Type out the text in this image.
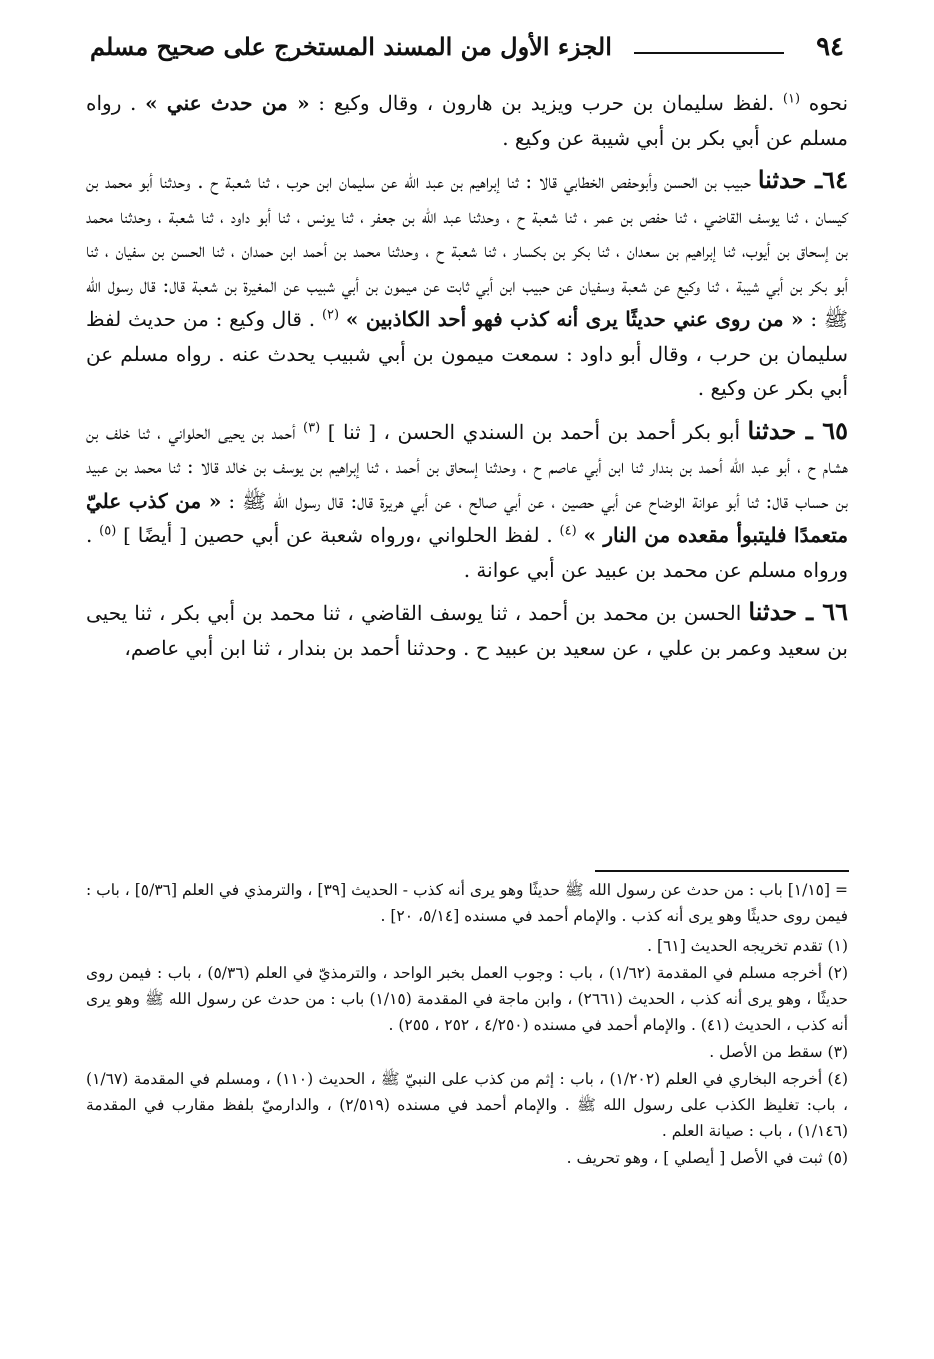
٩٤
الجزء الأول من المسند المستخرج على صحيح مسلم

نحوه $^{(١)}$ .لفظ سليمان بن حرب ويزيد بن هارون ، وقال وكيع : « من حدث عني » . رواه مسلم عن أبي بكر بن أبي شيبة عن وكيع .

٦٤ـ حدثنا حبيب بن الحسن وأبوحفص الخطابي قالا : ثنا إبراهيم بن عبد الله عن سليمان ابن حرب ، ثنا شعبة ح . وحدثنا أبو محمد بن كيسان ، ثنا يوسف القاضي ، ثنا حفص بن عمر ، ثنا شعبة ح ، وحدثنا عبد الله بن جعفر ، ثنا يونس ، ثنا أبو داود ، ثنا شعبة ، وحدثنا محمد بن إسحاق بن أيوب، ثنا إبراهيم بن سعدان ، ثنا بكر بن بكسار ، ثنا شعبة ح ، وحدثنا محمد بن أحمد ابن حمدان ، ثنا الحسن بن سفيان ، ثنا أبو بكر بن أبي شيبة ، ثنا وكيع عن شعبة وسفيان عن حبيب ابن أبي ثابت عن ميمون بن أبي شبيب عن المغيرة بن شعبة قال: قال رسول الله ﷺ : « من روى عني حديثًا يرى أنه كذب فهو أحد الكاذبين » $^{(٢)}$ . قال وكيع : من حديث لفظ سليمان بن حرب ، وقال أبو داود : سمعت ميمون بن أبي شبيب يحدث عنه . رواه مسلم عن أبي بكر عن وكيع .

٦٥ ـ حدثنا أبو بكر أحمد بن أحمد بن السندي الحسن ، [ ثنا ] $^{(٣)}$ أحمد بن يحيى الحلواني ، ثنا خلف بن هشام ح ، أبو عبد الله أحمد بن بندار ثنا ابن أبي عاصم ح ، وحدثنا إسحاق بن أحمد ، ثنا إبراهيم بن يوسف بن خالد قالا : ثنا محمد بن عبيد بن حساب قال: ثنا أبو عوانة الوضاح عن أبي حصين ، عن أبي صالح ، عن أبي هريرة قال: قال رسول الله ﷺ : « من كذب عليّ متعمدًا فليتبوأ مقعده من النار » $^{(٤)}$ . لفظ الحلواني ،ورواه شعبة عن أبي حصين [ أيضًا ] $^{(٥)}$ . ورواه مسلم عن محمد بن عبيد عن أبي عوانة .

٦٦ ـ حدثنا الحسن بن محمد بن أحمد ، ثنا يوسف القاضي ، ثنا محمد بن أبي بكر ، ثنا يحيى بن سعيد وعمر بن علي ، عن سعيد بن عبيد ح . وحدثنا أحمد بن بندار ، ثنا ابن أبي عاصم،

= [١/١٥] باب : من حدث عن رسول الله ﷺ حديثًا وهو يرى أنه كذب - الحديث [٣٩] ، والترمذي في العلم [٥/٣٦] ، باب : فيمن روى حديثًا وهو يرى أنه كذب . والإمام أحمد في مسنده [٥/١٤، ٢٠] .

(١) تقدم تخريجه الحديث [٦١] .

(٢) أخرجه مسلم في المقدمة (١/٦٢) ، باب : وجوب العمل بخبر الواحد ، والترمذيّ في العلم (٥/٣٦) ، باب : فيمن روى حديثًا ، وهو يرى أنه كذب ، الحديث (٢٦٦١) ، وابن ماجة في المقدمة (١/١٥) باب : من حدث عن رسول الله ﷺ وهو يرى أنه كذب ، الحديث (٤١) . والإمام أحمد في مسنده (٤/٢٥٠ ، ٢٥٢ ، ٢٥٥) .

(٣) سقط من الأصل .

(٤) أخرجه البخاري في العلم (١/٢٠٢) ، باب : إثم من كذب على النبيّ ﷺ ، الحديث (١١٠) ، ومسلم في المقدمة (١/٦٧) ، باب: تغليظ الكذب على رسول الله ﷺ . والإمام أحمد في مسنده (٢/٥١٩) ، والدارميّ بلفظ مقارب في المقدمة (١/١٤٦) ، باب : صيانة العلم .

(٥) ثبت في الأصل [ أيصلي ] ، وهو تحريف .
